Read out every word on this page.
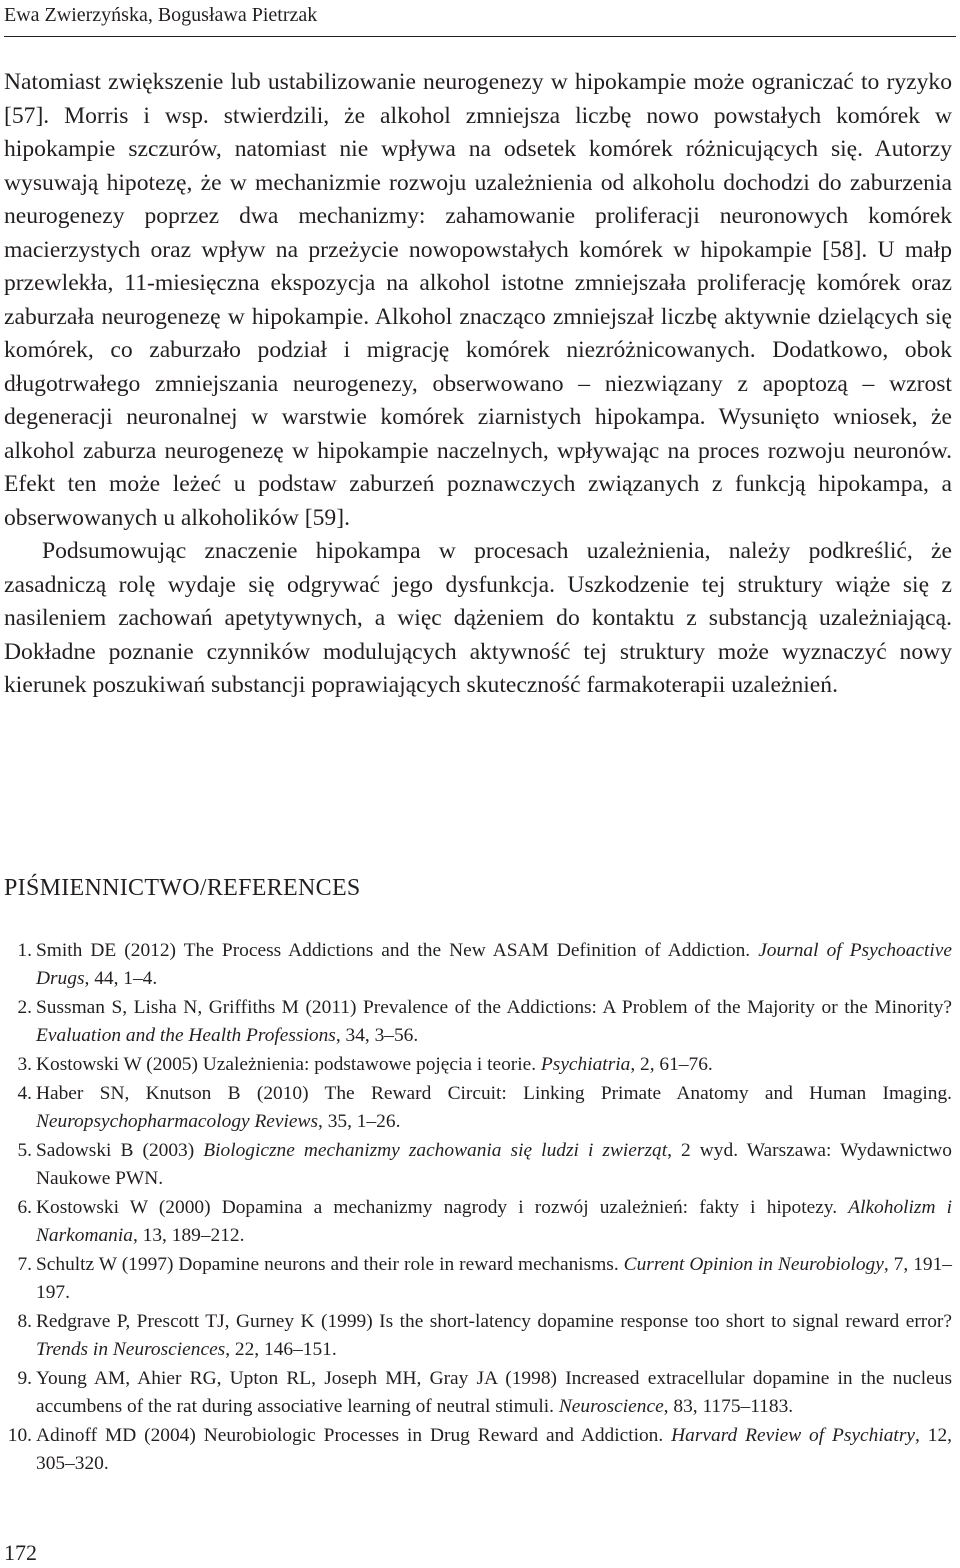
Ewa Zwierzyńska, Bogusława Pietrzak

Natomiast zwiększenie lub ustabilizowanie neurogenezy w hipokampie może ograniczać to ryzyko [57]. Morris i wsp. stwierdzili, że alkohol zmniejsza liczbę nowo powstałych komórek w hipokampie szczurów, natomiast nie wpływa na odsetek komórek różnicujących się. Autorzy wysuwają hipotezę, że w mechanizmie rozwoju uzależnienia od alkoholu dochodzi do zaburzenia neurogenezy poprzez dwa mechanizmy: zahamowanie proliferacji neuronowych komórek macierzystych oraz wpływ na przeżycie nowopowstałych komórek w hipokampie [58]. U małp przewlekła, 11-miesięczna ekspozycja na alkohol istotne zmniejszała proliferację komórek oraz zaburzała neurogenezę w hipokampie. Alkohol znacząco zmniejszał liczbę aktywnie dzielących się komórek, co zaburzało podział i migrację komórek niezróżnicowanych. Dodatkowo, obok długotrwałego zmniejszania neurogenezy, obserwowano – niezwiązany z apoptozą – wzrost degeneracji neuronalnej w warstwie komórek ziarnistych hipokampa. Wysunięto wniosek, że alkohol zaburza neurogenezę w hipokampie naczelnych, wpływając na proces rozwoju neuronów. Efekt ten może leżeć u podstaw zaburzeń poznawczych związanych z funkcją hipokampa, a obserwowanych u alkoholików [59].

Podsumowując znaczenie hipokampa w procesach uzależnienia, należy podkreślić, że zasadniczą rolę wydaje się odgrywać jego dysfunkcja. Uszkodzenie tej struktury wiąże się z nasileniem zachowań apetytywnych, a więc dążeniem do kontaktu z substancją uzależniającą. Dokładne poznanie czynników modulujących aktywność tej struktury może wyznaczyć nowy kierunek poszukiwań substancji poprawiających skuteczność farmakoterapii uzależnień.

PIŚMIENNICTWO/REFERENCES
1. Smith DE (2012) The Process Addictions and the New ASAM Definition of Addiction. Journal of Psychoactive Drugs, 44, 1–4.
2. Sussman S, Lisha N, Griffiths M (2011) Prevalence of the Addictions: A Problem of the Majority or the Minority? Evaluation and the Health Professions, 34, 3–56.
3. Kostowski W (2005) Uzależnienia: podstawowe pojęcia i teorie. Psychiatria, 2, 61–76.
4. Haber SN, Knutson B (2010) The Reward Circuit: Linking Primate Anatomy and Human Imaging. Neuropsychopharmacology Reviews, 35, 1–26.
5. Sadowski B (2003) Biologiczne mechanizmy zachowania się ludzi i zwierząt, 2 wyd. Warszawa: Wydawnictwo Naukowe PWN.
6. Kostowski W (2000) Dopamina a mechanizmy nagrody i rozwój uzależnień: fakty i hipotezy. Alkoholizm i Narkomania, 13, 189–212.
7. Schultz W (1997) Dopamine neurons and their role in reward mechanisms. Current Opinion in Neurobiology, 7, 191–197.
8. Redgrave P, Prescott TJ, Gurney K (1999) Is the short-latency dopamine response too short to signal reward error? Trends in Neurosciences, 22, 146–151.
9. Young AM, Ahier RG, Upton RL, Joseph MH, Gray JA (1998) Increased extracellular dopamine in the nucleus accumbens of the rat during associative learning of neutral stimuli. Neuroscience, 83, 1175–1183.
10. Adinoff MD (2004) Neurobiologic Processes in Drug Reward and Addiction. Harvard Review of Psychiatry, 12, 305–320.
172
